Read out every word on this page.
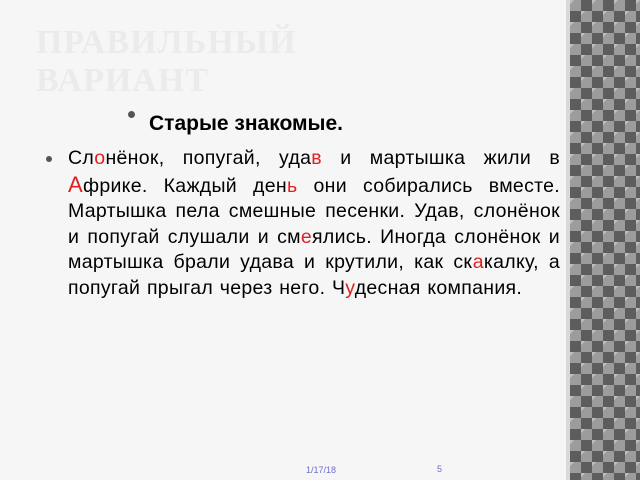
ПРАВИЛЬНЫЙ ВАРИАНТ
Старые знакомые.

Слонёнок, попугай, удав и мартышка жили в Африке. Каждый день они собирались вместе. Мартышка пела смешные песенки. Удав, слонёнок и попугай слушали и смеялись. Иногда слонёнок и мартышка брали удава и крутили, как скакалку, а попугай прыгал через него. Чудесная компания.

1/17/18	5
